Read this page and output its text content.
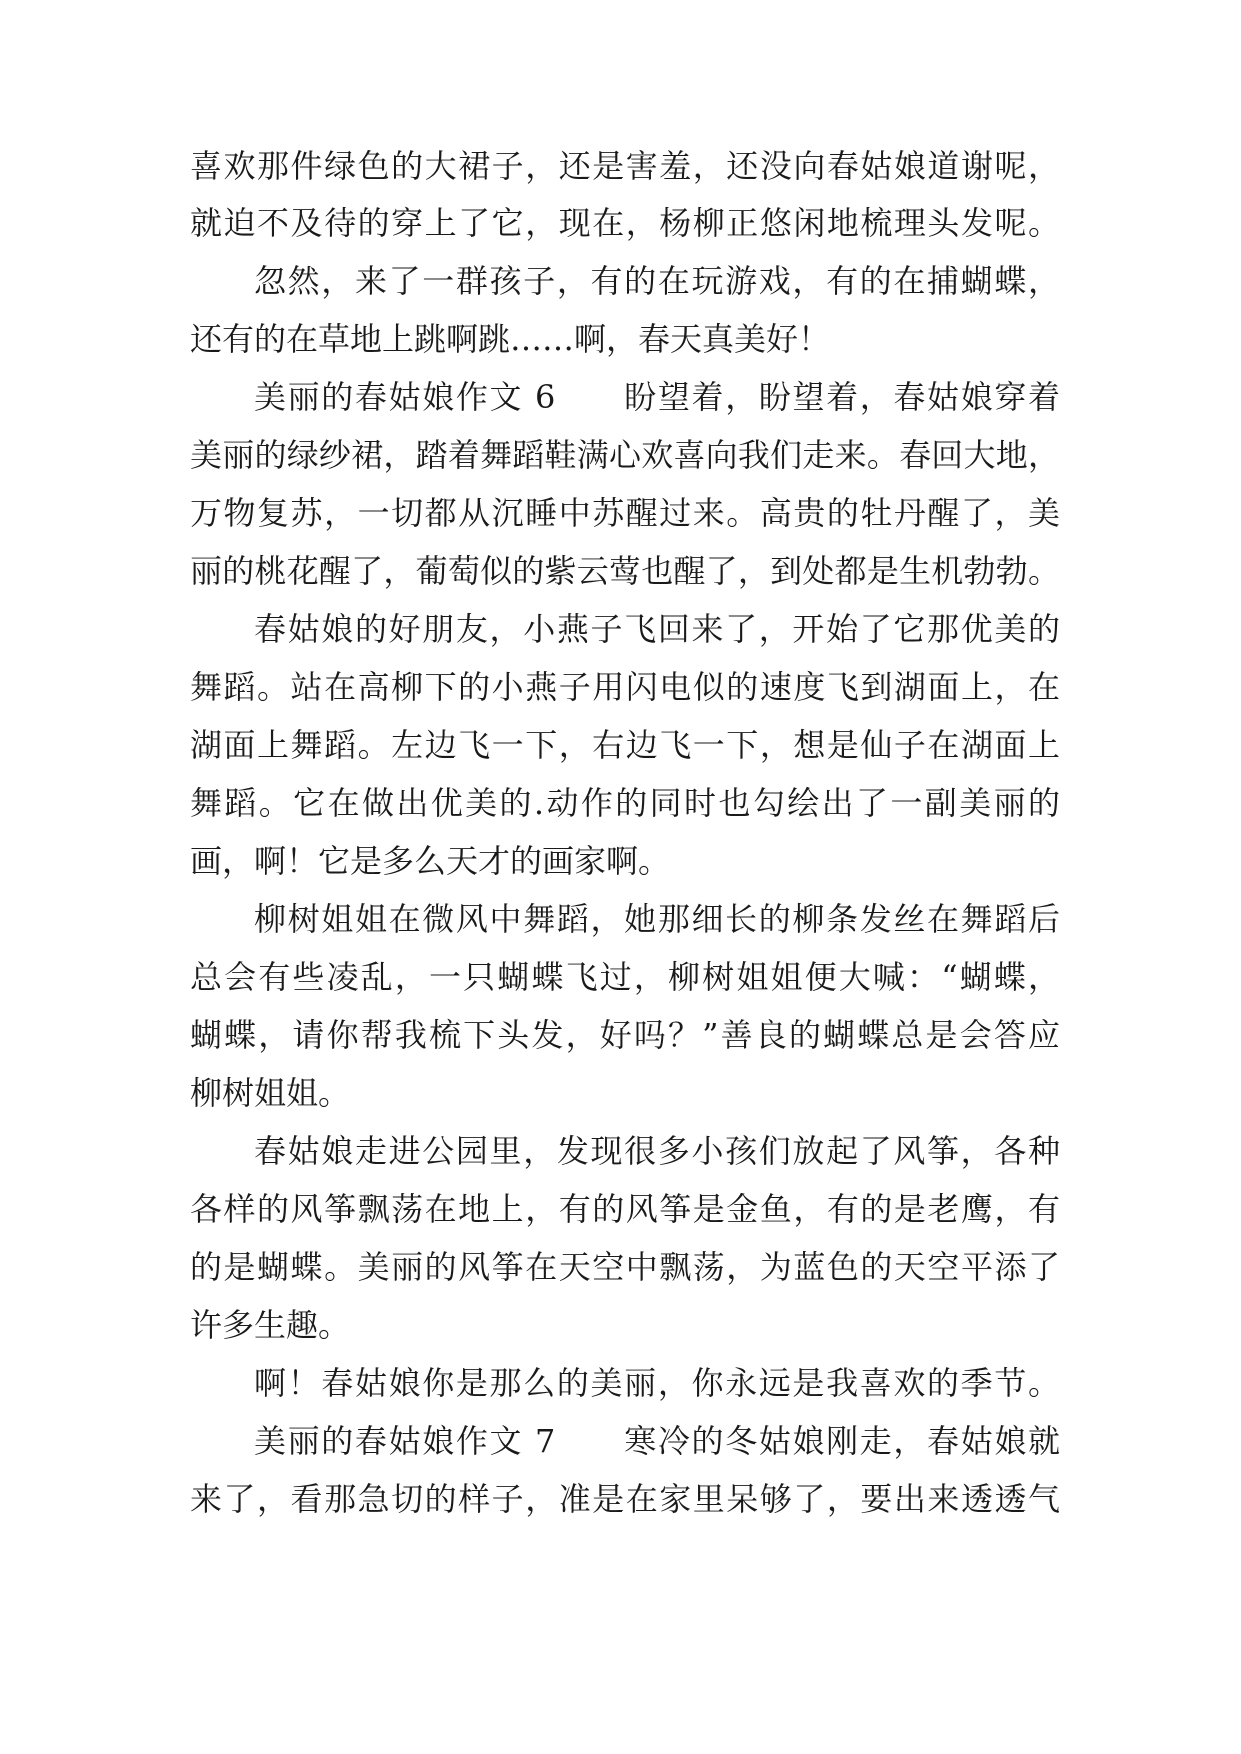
喜欢那件绿色的大裙子，还是害羞，还没向春姑娘道谢呢，
就迫不及待的穿上了它，现在，杨柳正悠闲地梳理头发呢。
忽然，来了一群孩子，有的在玩游戏，有的在捕蝴蝶，
还有的在草地上跳啊跳……啊，春天真美好！
美丽的春姑娘作文 6　　盼望着，盼望着，春姑娘穿着
美丽的绿纱裙，踏着舞蹈鞋满心欢喜向我们走来。春回大地，
万物复苏，一切都从沉睡中苏醒过来。高贵的牡丹醒了，美
丽的桃花醒了，葡萄似的紫云莺也醒了，到处都是生机勃勃。
春姑娘的好朋友，小燕子飞回来了，开始了它那优美的
舞蹈。站在高柳下的小燕子用闪电似的速度飞到湖面上，在
湖面上舞蹈。左边飞一下，右边飞一下，想是仙子在湖面上
舞蹈。它在做出优美的.动作的同时也勾绘出了一副美丽的
画，啊！它是多么天才的画家啊。
柳树姐姐在微风中舞蹈，她那细长的柳条发丝在舞蹈后
总会有些凌乱，一只蝴蝶飞过，柳树姐姐便大喊：“蝴蝶，
蝴蝶，请你帮我梳下头发，好吗？”善良的蝴蝶总是会答应
柳树姐姐。
春姑娘走进公园里，发现很多小孩们放起了风筝，各种
各样的风筝飘荡在地上，有的风筝是金鱼，有的是老鹰，有
的是蝴蝶。美丽的风筝在天空中飘荡，为蓝色的天空平添了
许多生趣。
啊！春姑娘你是那么的美丽，你永远是我喜欢的季节。
美丽的春姑娘作文 7　　寒冷的冬姑娘刚走，春姑娘就
来了，看那急切的样子，准是在家里呆够了，要出来透透气
